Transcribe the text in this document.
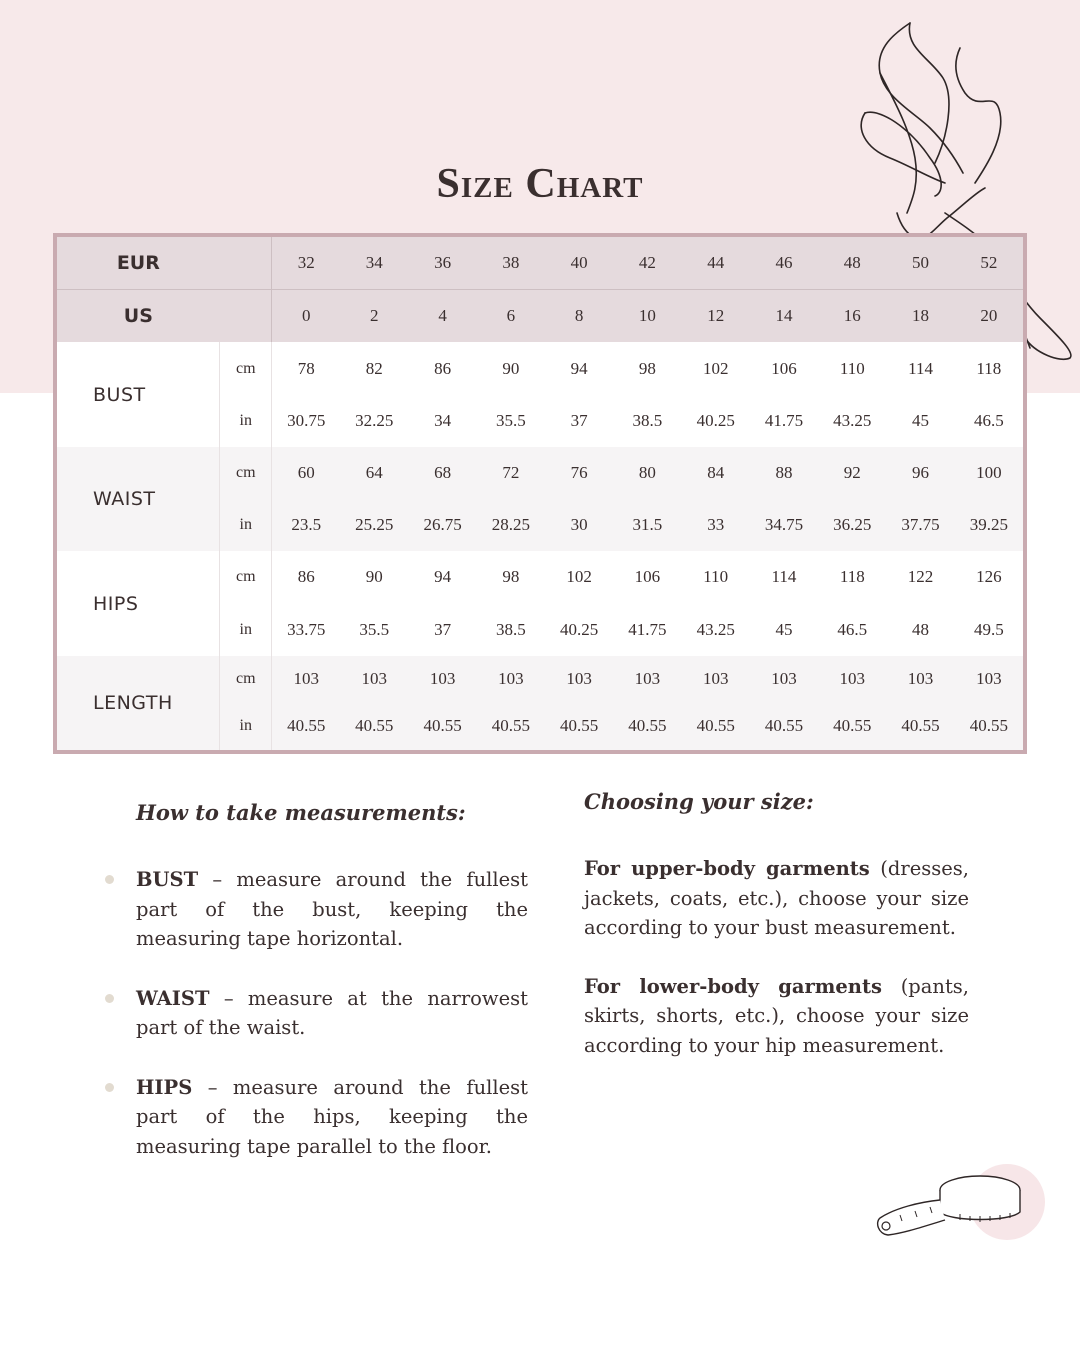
Size Chart
EUR		32	34	36	38	40	42	44	46	48	50	52
US		0	2	4	6	8	10	12	14	16	18	20
BUST	cm	78	82	86	90	94	98	102	106	110	114	118
	in	30.75	32.25	34	35.5	37	38.5	40.25	41.75	43.25	45	46.5
WAIST	cm	60	64	68	72	76	80	84	88	92	96	100
	in	23.5	25.25	26.75	28.25	30	31.5	33	34.75	36.25	37.75	39.25
HIPS	cm	86	90	94	98	102	106	110	114	118	122	126
	in	33.75	35.5	37	38.5	40.25	41.75	43.25	45	46.5	48	49.5
LENGTH	cm	103	103	103	103	103	103	103	103	103	103	103
	in	40.55	40.55	40.55	40.55	40.55	40.55	40.55	40.55	40.55	40.55	40.55
How to take measurements:
BUST – measure around the fullest part of the bust, keeping the measuring tape horizontal.
WAIST – measure at the narrowest part of the waist.
HIPS – measure around the fullest part of the hips, keeping the measuring tape parallel to the floor.
Choosing your size:
For upper-body garments (dresses, jackets, coats, etc.), choose your size according to your bust measurement.
For lower-body garments (pants, skirts, shorts, etc.), choose your size according to your hip measurement.
